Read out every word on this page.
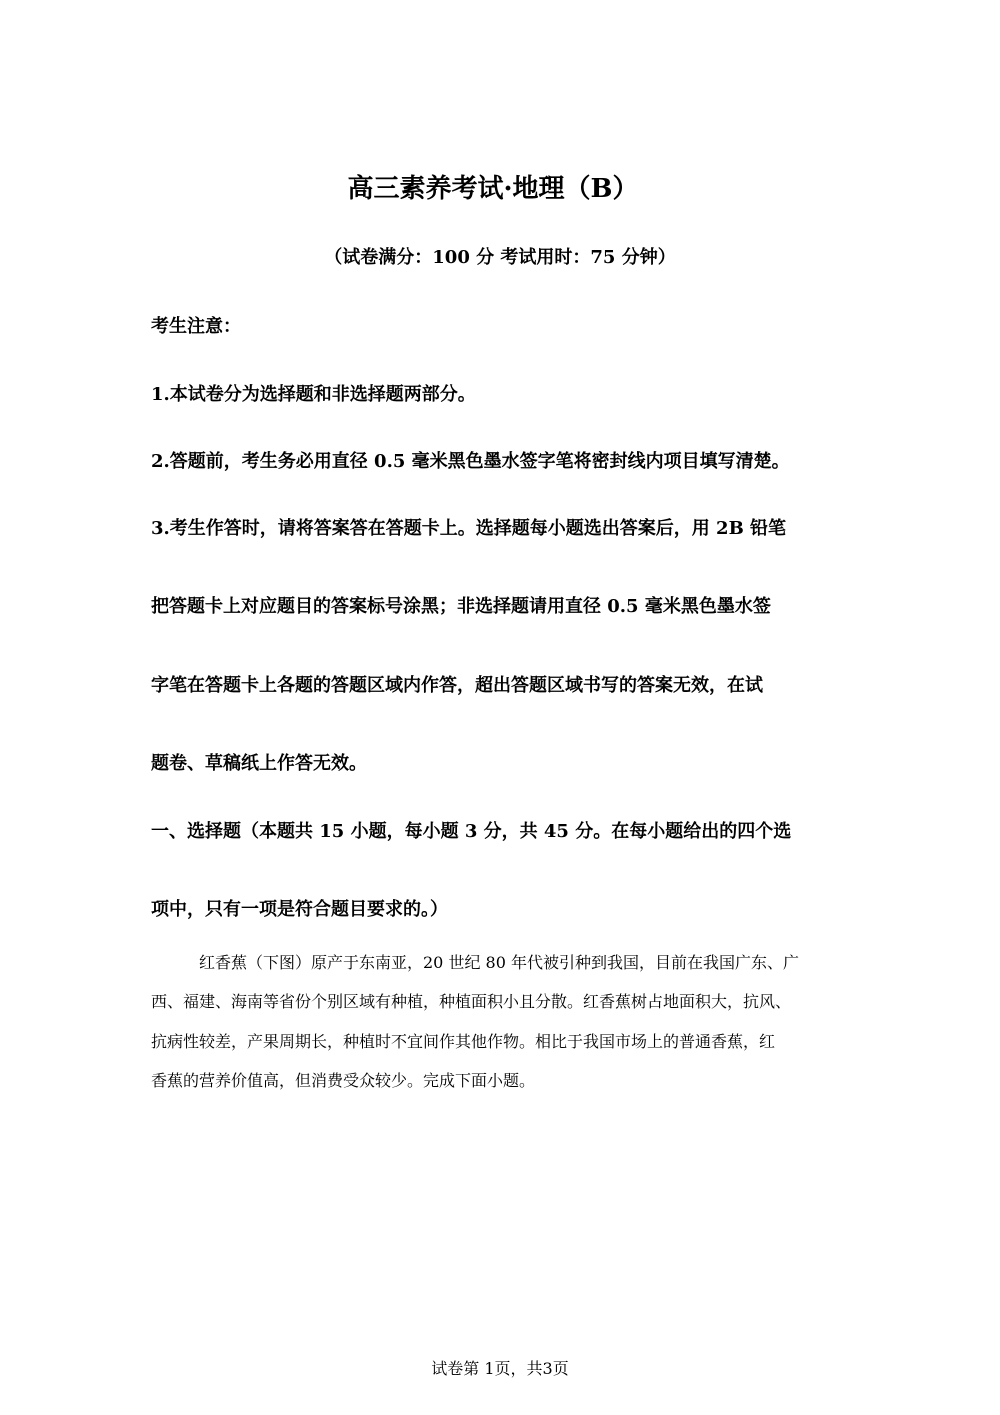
高三素养考试·地理（B）
（试卷满分：100 分 考试用时：75 分钟）
考生注意：
1.本试卷分为选择题和非选择题两部分。
2.答题前，考生务必用直径 0.5 毫米黑色墨水签字笔将密封线内项目填写清楚。
3.考生作答时，请将答案答在答题卡上。选择题每小题选出答案后，用 2B 铅笔
把答题卡上对应题目的答案标号涂黑；非选择题请用直径 0.5 毫米黑色墨水签
字笔在答题卡上各题的答题区域内作答，超出答题区域书写的答案无效，在试
题卷、草稿纸上作答无效。
一、选择题（本题共 15 小题，每小题 3 分，共 45 分。在每小题给出的四个选
项中，只有一项是符合题目要求的。）
红香蕉（下图）原产于东南亚，20 世纪 80 年代被引种到我国，目前在我国广东、广
西、福建、海南等省份个别区域有种植，种植面积小且分散。红香蕉树占地面积大，抗风、
抗病性较差，产果周期长，种植时不宜间作其他作物。相比于我国市场上的普通香蕉，红
香蕉的营养价值高，但消费受众较少。完成下面小题。
试卷第 1页，共3页
